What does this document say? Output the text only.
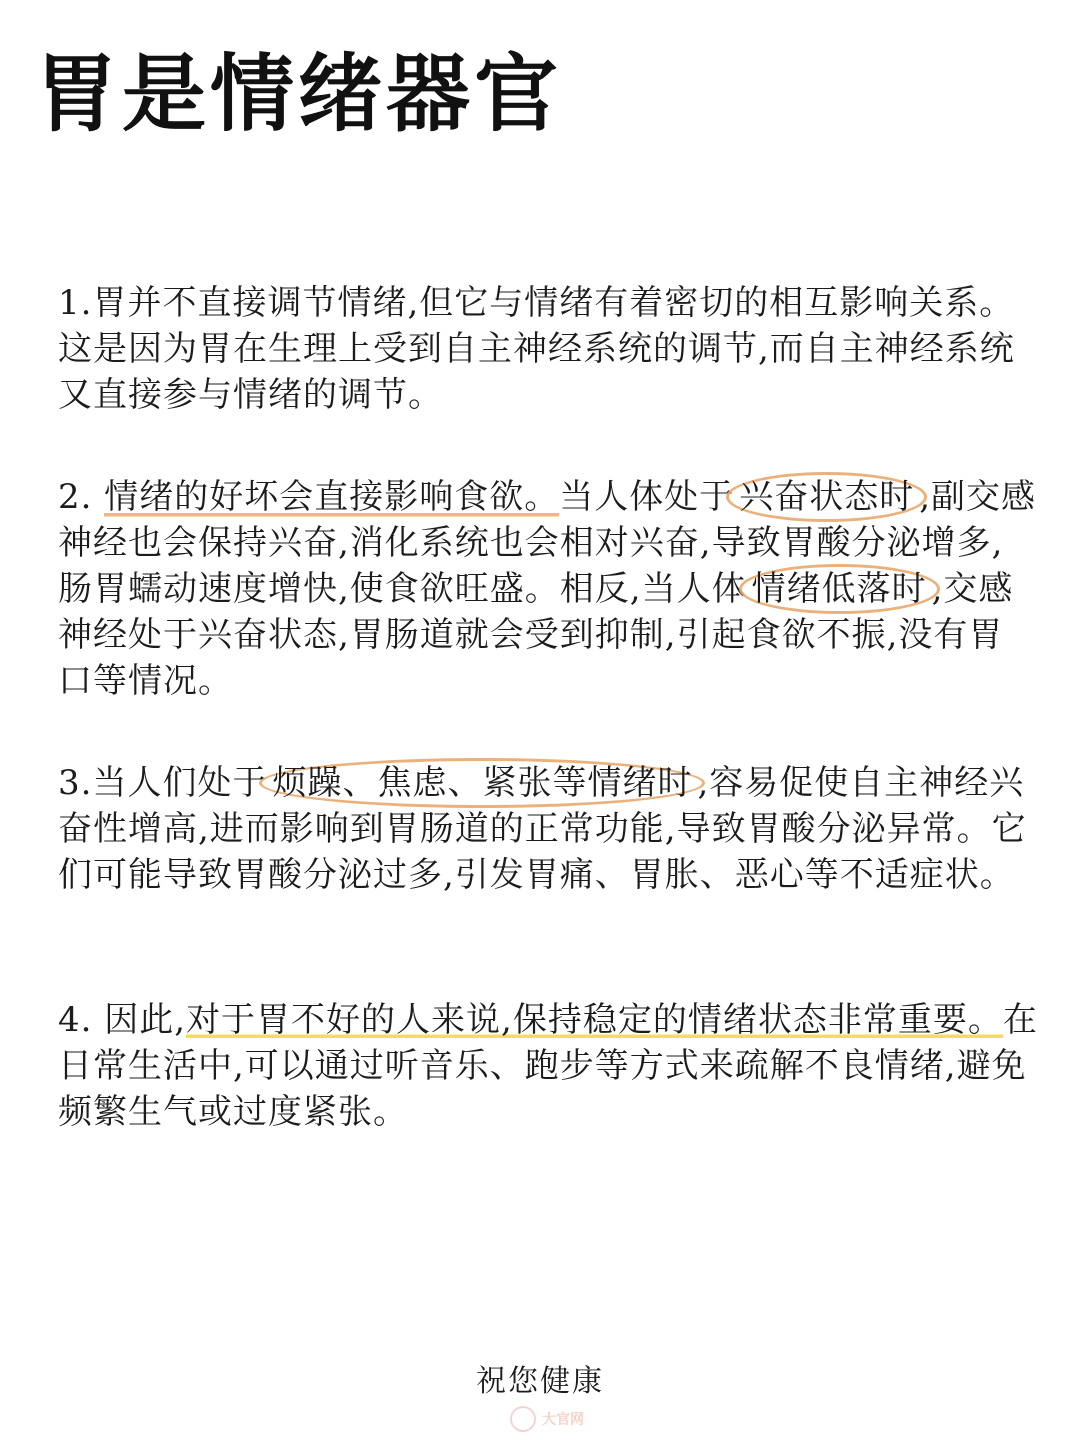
胃是情绪器官
1.胃并不直接调节情绪,但它与情绪有着密切的相互影响关系。这是因为胃在生理上受到自主神经系统的调节,而自主神经系统又直接参与情绪的调节。
2. 情绪的好坏会直接影响食欲。当人体处于 兴奋状态时 ,副交感神经也会保持兴奋,消化系统也会相对兴奋,导致胃酸分泌增多,肠胃蠕动速度增快,使食欲旺盛。相反,当人体 情绪低落时 ,交感神经处于兴奋状态,胃肠道就会受到抑制,引起食欲不振,没有胃口等情况。
3.当人们处于 烦躁、焦虑、紧张等情绪时 ,容易促使自主神经兴奋性增高,进而影响到胃肠道的正常功能,导致胃酸分泌异常。它们可能导致胃酸分泌过多,引发胃痛、胃胀、恶心等不适症状。
4. 因此,对于胃不好的人来说,保持稳定的情绪状态非常重要。在日常生活中,可以通过听音乐、跑步等方式来疏解不良情绪,避免频繁生气或过度紧张。
祝您健康
大官网
